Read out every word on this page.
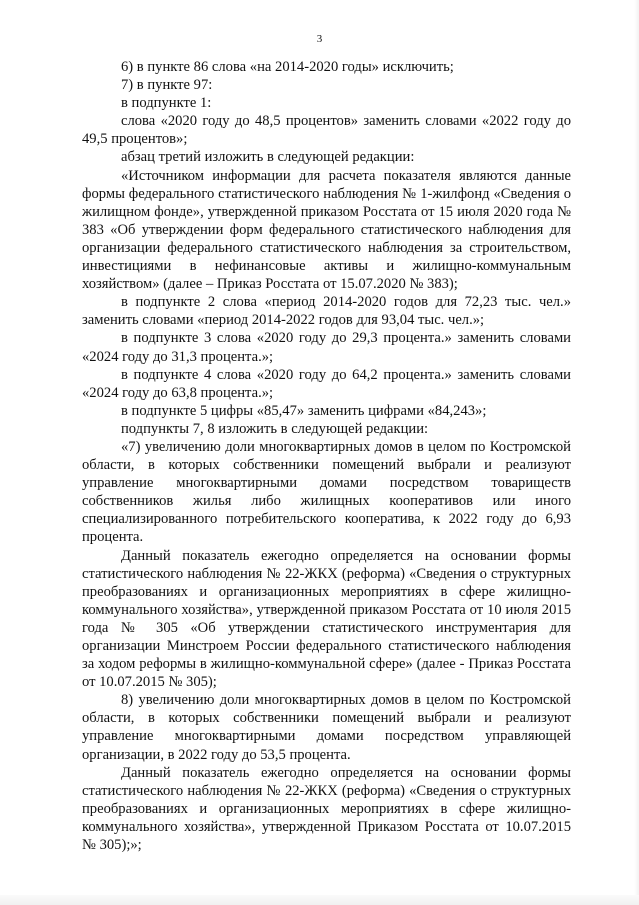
3

6) в пункте 86 слова «на 2014-2020 годы» исключить;

7) в пункте 97:

в подпункте 1:

слова «2020 году до 48,5 процентов» заменить словами «2022 году до 49,5 процентов»;

абзац третий изложить в следующей редакции:

«Источником информации для расчета показателя являются данные формы федерального статистического наблюдения № 1-жилфонд «Сведения о жилищном фонде», утвержденной приказом Росстата от 15 июля 2020 года № 383 «Об утверждении форм федерального статистического наблюдения для организации федерального статистического наблюдения за строительством, инвестициями в нефинансовые активы и жилищно-коммунальным хозяйством» (далее – Приказ Росстата от 15.07.2020 № 383);

в подпункте 2 слова «период 2014-2020 годов для 72,23 тыс. чел.» заменить словами «период 2014-2022 годов для 93,04 тыс. чел.»;

в подпункте 3 слова «2020 году до 29,3 процента.» заменить словами «2024 году до 31,3 процента.»;

в подпункте 4 слова «2020 году до 64,2 процента.» заменить словами «2024 году до 63,8 процента.»;

в подпункте 5 цифры «85,47» заменить цифрами «84,243»;

подпункты 7, 8 изложить в следующей редакции:

«7) увеличению доли многоквартирных домов в целом по Костромской области, в которых собственники помещений выбрали и реализуют управление многоквартирными домами посредством товариществ собственников жилья либо жилищных кооперативов или иного специализированного потребительского кооператива, к 2022 году до 6,93 процента.

Данный показатель ежегодно определяется на основании формы статистического наблюдения № 22-ЖКХ (реформа) «Сведения о структурных преобразованиях и организационных мероприятиях в сфере жилищно-коммунального хозяйства», утвержденной приказом Росстата от 10 июля 2015 года № 305 «Об утверждении статистического инструментария для организации Минстроем России федерального статистического наблюдения за ходом реформы в жилищно-коммунальной сфере» (далее - Приказ Росстата от 10.07.2015 № 305);

8) увеличению доли многоквартирных домов в целом по Костромской области, в которых собственники помещений выбрали и реализуют управление многоквартирными домами посредством управляющей организации, в 2022 году до 53,5 процента.

Данный показатель ежегодно определяется на основании формы статистического наблюдения № 22-ЖКХ (реформа) «Сведения о структурных преобразованиях и организационных мероприятиях в сфере жилищно-коммунального хозяйства», утвержденной Приказом Росстата от 10.07.2015 № 305);»;
